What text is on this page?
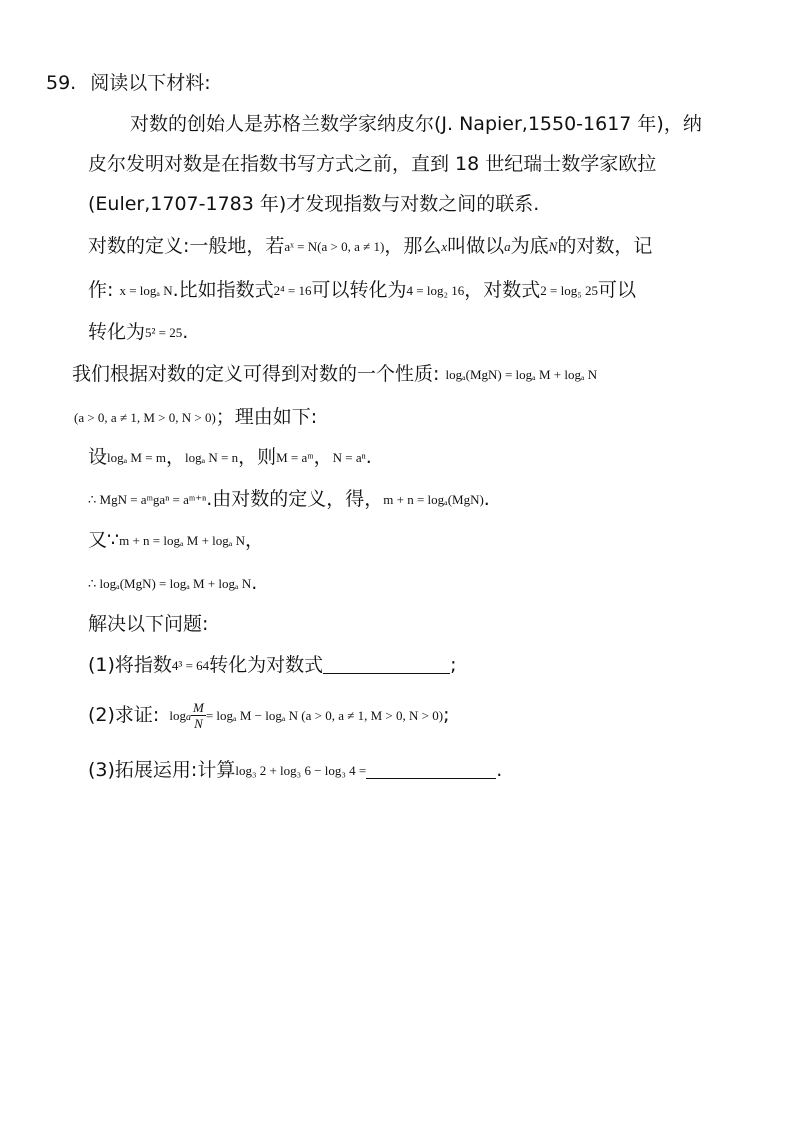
59. 阅读以下材料:
对数的创始人是苏格兰数学家纳皮尔(J. Napier,1550-1617 年)，纳
皮尔发明对数是在指数书写方式之前，直到 18 世纪瑞士数学家欧拉
(Euler,1707-1783 年)才发现指数与对数之间的联系.
对数的定义:一般地，若aˣ = N(a > 0, a ≠ 1)，那么x叫做以a为底N的对数，记
作: x = logₐ N.比如指数式2⁴ = 16可以转化为4 = log₂ 16，对数式2 = log₅ 25可以
转化为5² = 25.
我们根据对数的定义可得到对数的一个性质: logₐ(MgN) = logₐ M + logₐ N
(a > 0, a ≠ 1, M > 0, N > 0)；理由如下:
设logₐ M = m，logₐ N = n，则M = aᵐ，N = aⁿ.
∴ MgN = aᵐgaⁿ = aᵐ⁺ⁿ.由对数的定义，得，m + n = logₐ(MgN).
又∵m + n = logₐ M + logₐ N，
∴ logₐ(MgN) = logₐ M + logₐ N.
解决以下问题:
(1)将指数4³ = 64转化为对数式	;
(2)求证: $\log_a \frac{M}{N} = \log_a$ M − logₐ N (a > 0, a ≠ 1, M > 0, N > 0);
(3)拓展运用:计算log₃ 2 + log₃ 6 − log₃ 4 =	.
